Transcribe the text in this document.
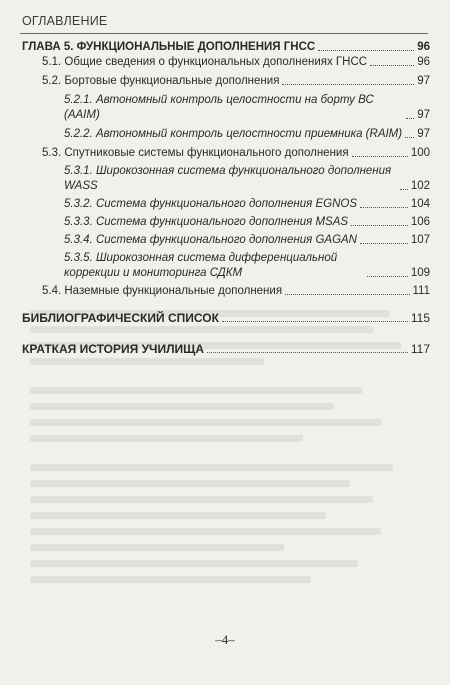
ОГЛАВЛЕНИЕ
ГЛАВА 5. ФУНКЦИОНАЛЬНЫЕ ДОПОЛНЕНИЯ ГНСС	96
5.1. Общие сведения о функциональных дополнениях ГНСС	96
5.2. Бортовые функциональные дополнения	97
5.2.1. Автономный контроль целостности на борту ВС (AAIM)	97
5.2.2. Автономный контроль целостности приемника (RAIM) 97
5.3. Спутниковые системы функционального дополнения	100
5.3.1. Широкозонная система функционального дополнения WASS	102
5.3.2. Система функционального дополнения EGNOS	104
5.3.3. Система функционального дополнения MSAS	106
5.3.4. Система функционального дополнения GAGAN	107
5.3.5. Широкозонная система дифференциальной коррекции и мониторинга СДКМ	109
5.4. Наземные функциональные дополнения	111
БИБЛИОГРАФИЧЕСКИЙ СПИСОК	115
КРАТКАЯ ИСТОРИЯ УЧИЛИЩА	117
–4–
